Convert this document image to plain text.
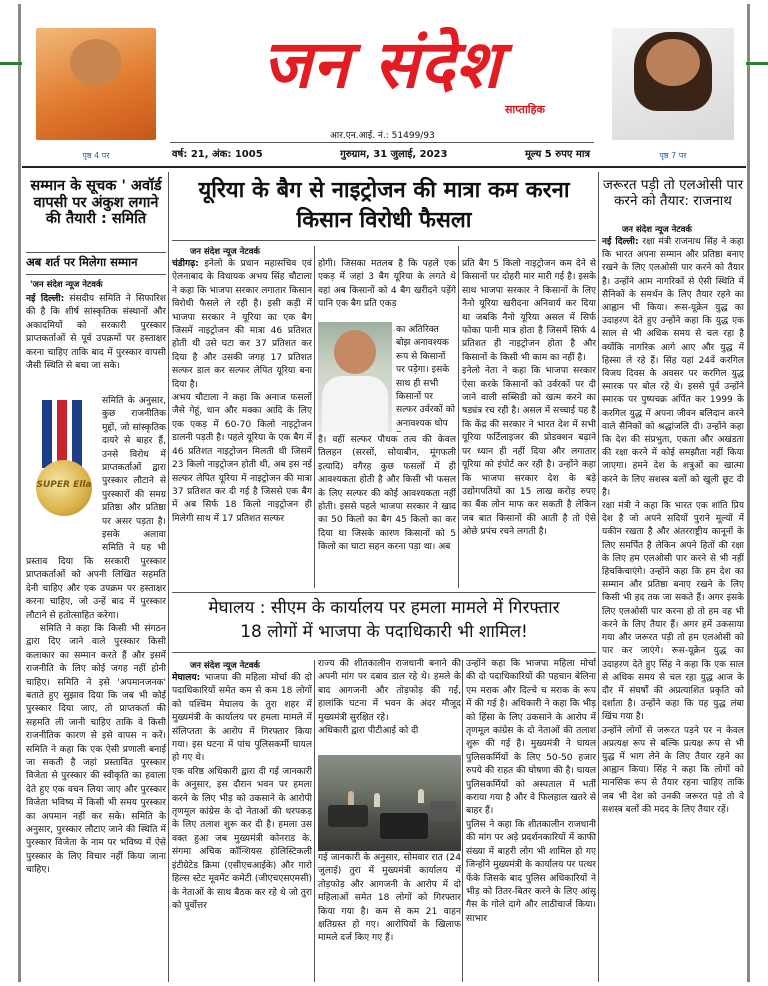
पृष्ठ 4 पर
जन संदेश
साप्ताहिक
आर.एन.आई. नं.: 51499/93
पृष्ठ 7 पर
वर्ष: 21, अंक: 1005	गुरुग्राम, 31 जुलाई, 2023	मूल्य 5 रुपए मात्र
सम्मान के सूचक ' अवॉर्ड वापसी पर अंकुश लगाने की तैयारी : समिति
अब शर्त पर मिलेगा सम्मान
'जन संदेश न्यूज नेटवर्क
नई दिल्ली: संसदीय समिति ने सिफारिश की है कि शीर्ष सांस्कृतिक संस्थानों और अकादमियों को सरकारी पुरस्कार प्राप्तकर्ताओं से पूर्व उपक्रमों पर हस्ताक्षर करना चाहिए ताकि बाद में पुरस्कार वापसी जैसी स्थिति से बचा जा सके।
SUPER Ella
समिति के अनुसार, कुछ राजनीतिक मुद्दों, जो सांस्कृतिक दायरे से बाहर हैं, उनसे विरोध में प्राप्तकर्ताओं द्वारा पुरस्कार लौटाने से पुरस्कारों की समग्र प्रतिष्ठा और प्रतिष्ठा पर असर पड़ता है। इसके अलावा समिति ने यह भी प्रस्ताव दिया कि सरकारी पुरस्कार प्राप्तकर्ताओं को अपनी लिखित सहमति देनी चाहिए और एक उपक्रम पर हस्ताक्षर करना चाहिए, जो उन्हें बाद में पुरस्कार लौटाने से हतोत्साहित करेगा।
समिति ने कहा कि किसी भी संगठन द्वारा दिए जाने वाले पुरस्कार किसी कलाकार का सम्मान करते हैं और इसमें राजनीति के लिए कोई जगह नहीं होनी चाहिए। समिति ने इसे 'अपमानजनक' बताते हुए सुझाव दिया कि जब भी कोई पुरस्कार दिया जाए, तो प्राप्तकर्ता की सहमति ली जानी चाहिए ताकि वे किसी राजनीतिक कारण से इसे वापस न करें। समिति ने कहा कि एक ऐसी प्रणाली बनाई जा सकती है जहां प्रस्तावित पुरस्कार विजेता से पुरस्कार की स्वीकृति का हवाला देते हुए एक वचन लिया जाए और पुरस्कार विजेता भविष्य में किसी भी समय पुरस्कार का अपमान नहीं कर सके। समिति के अनुसार, पुरस्कार लौटाए जाने की स्थिति में पुरस्कार विजेता के नाम पर भविष्य में ऐसे पुरस्कार के लिए विचार नहीं किया जाना चाहिए।
यूरिया के बैग से नाइट्रोजन की मात्रा कम करना किसान विरोधी फैसला
जन संदेश न्यूज नेटवर्क
चंडीगढ़: इनेलो के प्रधान महासचिव एवं ऐलनाबाद के विधायक अभय सिंह चौटाला ने कहा कि भाजपा सरकार लगातार किसान विरोधी फैसले ले रही है। इसी कड़ी में भाजपा सरकार ने यूरिया का एक बैग जिसमें नाइट्रोजन की मात्रा 46 प्रतिशत होती थी उसे घटा कर 37 प्रतिशत कर दिया है और उसकी जगह 17 प्रतिशत सल्फर डाल कर सल्फर लेपित यूरिया बना दिया है।
अभय चौटाला ने कहा कि अनाज फसलों जैसे गेहूं, धान और मक्का आदि के लिए एक एकड़ में 60-70 किलो नाइट्रोजन डालनी पड़ती है। पहले यूरिया के एक बैग में 46 प्रतिशत नाइट्रोजन मिलती थी जिसमें 23 किलो नाइट्रोजन होती थी, अब इस नई सल्फर लेपित यूरिया में नाइट्रोजन की मात्रा 37 प्रतिशत कर दी गई है जिससे एक बैग में अब सिर्फ 18 किलो नाइट्रोजन ही मिलेगी साथ में 17 प्रतिशत सल्फर
होगी। जिसका मतलब है कि पहले एक एकड़ में जहां 3 बैग यूरिया के लगते थे वहां अब किसानों को 4 बैग खरीदने पड़ेंगे यानि एक बैग प्रति एकड़
का अतिरिक्त बोझ अनावश्यक रूप से किसानों पर पड़ेगा। इसके साथ ही सभी किसानों पर सल्फर उर्वरकों को अनावश्यक थोप
है। वहीं सल्फर पौधक तत्व की केवल तिलहन (सरसों, सोयाबीन, मूंगफली इत्यादि) वगैरह कुछ फसलों में ही आवश्यकता होती है और किसी भी फसल के लिए सल्फर की कोई आवश्यकता नहीं होती। इससे पहले भाजपा सरकार ने खाद का 50 किलो का बैग 45 किलो का कर दिया था जिसके कारण किसानों को 5 किलो का घाटा सहन करना पड़ा था। अब
प्रति बैग 5 किलो नाइट्रोजन कम देने से किसानों पर दोहरी मार मारी गई है। इसके साथ भाजपा सरकार ने किसानों के लिए नैनो यूरिया खरीदना अनिवार्य कर दिया था जबकि नैनो यूरिया असल में सिर्फ फोका पानी मात्र होता है जिसमें सिर्फ 4 प्रतिशत ही नाइट्रोजन होता है और किसानों के किसी भी काम का नहीं है।
इनेलो नेता ने कहा कि भाजपा सरकार ऐसा करके किसानों को उर्वरकों पर दी जाने वाली सब्सिडी को खत्म करने का षड्यंत्र रच रही है। असल में सच्चाई यह है कि केंद्र की सरकार ने भारत देश में सभी यूरिया फर्टिलाइजर की प्रोडक्शन बढ़ाने पर ध्यान ही नहीं दिया और लगातार यूरिया को इंपोर्ट कर रही है। उन्होंने कहा कि भाजपा सरकार देश के बड़े उद्योगपतियों का 15 लाख करोड़ रुपए का बैंक लोन माफ कर सकती है लेकिन जब बात किसानों की आती है तो ऐसे ओछे प्रपंच रचने लगती है।
मेघालय : सीएम के कार्यालय पर हमला मामले में गिरफ्तार
18 लोगों में भाजपा के पदाधिकारी भी शामिल!
जन संदेश न्यूज नेटवर्क
मेघालय: भाजपा की महिला मोर्चा की दो पदाधिकारियों समेत कम से कम 18 लोगों को पश्चिम मेघालय के तुरा शहर में मुख्यमंत्री के कार्यालय पर हमला मामले में संलिप्तता के आरोप में गिरफ्तार किया गया। इस घटना में पांच पुलिसकर्मी घायल हो गए थे।
एक वरिष्ठ अधिकारी द्वारा दी गई जानकारी के अनुसार, इस दौरान भवन पर हमला करने के लिए भीड़ को उकसाने के आरोपी तृणमूल कांग्रेस के दो नेताओं की धरपकड़ के लिए तलाश शुरू कर दी है। हमला उस वक्त हुआ जब मुख्यमंत्री कोनराड के. संगमा अचिक कॉन्शियस होलिस्टिकली इंटीग्रेटेड क्रिमा (एसीएचआईके) और गारो हिल्स स्टेट मूवमेंट कमेटी (जीएचएसएमसी) के नेताओं के साथ बैठक कर रहे थे जो तुरा को पूर्वोत्तर
राज्य की शीतकालीन राजधानी बनाने की अपनी मांग पर दबाव डाल रहे थे। हमले के बाद आगजनी और तोड़फोड़ की गई, हालांकि घटना में भवन के अंदर मौजूद मुख्यमंत्री सुरक्षित रहे।
अधिकारी द्वारा पीटीआई को दी
गई जानकारी के अनुसार, सोमवार रात (24 जुलाई) तुरा में मुख्यमंत्री कार्यालय में तोड़फोड़ और आगजनी के आरोप में दो महिलाओं समेत 18 लोगों को गिरफ्तार किया गया है। कम से कम 21 वाहन क्षतिग्रस्त हो गए। आरोपियों के खिलाफ मामले दर्ज किए गए हैं।
उन्होंने कहा कि भाजपा महिला मोर्चा की दो पदाधिकारियों की पहचान बेलिना एम मराक और दिल्चे च मराक के रूप में की गई है। अधिकारी ने कहा कि भीड़ को हिंसा के लिए उकसाने के आरोप में तृणमूल कांग्रेस के दो नेताओं की तलाश शुरू की गई है। मुख्यमंत्री ने घायल पुलिसकर्मियों के लिए 50-50 हजार रुपये की राहत की घोषणा की है। घायल पुलिसकर्मियों को अस्पताल में भर्ती कराया गया है और वे फिलहाल खतरे से बाहर हैं।
पुलिस ने कहा कि शीतकालीन राजधानी की मांग पर अड़े प्रदर्शनकारियों में काफी संख्या में बाहरी लोग भी शामिल हो गए जिन्होंने मुख्यमंत्री के कार्यालय पर पत्थर फेंके जिसके बाद पुलिस अधिकारियों ने भीड़ को तितर-बितर करने के लिए आंसू गैस के गोले दागे और लाठीचार्ज किया। साभार
जरूरत पड़ी तो एलओसी पार करने को तैयार: राजनाथ
जन संदेश न्यूज नेटवर्क
नई दिल्ली: रक्षा मंत्री राजनाथ सिंह ने कहा कि भारत अपना सम्मान और प्रतिष्ठा बनाए रखने के लिए एलओसी पार करने को तैयार है। उन्होंने आम नागरिकों से ऐसी स्थिति में सैनिकों के समर्थन के लिए तैयार रहने का आह्वान भी किया। रूस-यूक्रेन युद्ध का उदाहरण देते हुए उन्होंने कहा कि युद्ध एक साल से भी अधिक समय से चल रहा है क्योंकि नागरिक आगे आए और युद्ध में हिस्सा ले रहे हैं। सिंह यहां 24वें करगिल विजय दिवस के अवसर पर करगिल युद्ध स्मारक पर बोल रहे थे। इससे पूर्व उन्होंने स्मारक पर पुष्पचक्र अर्पित कर 1999 के करगिल युद्ध में अपना जीवन बलिदान करने वाले सैनिकों को श्रद्धांजलि दी। उन्होंने कहा कि देश की संप्रभुता, एकता और अखंडता की रक्षा करने में कोई समझौता नहीं किया जाएगा। हमने देश के शत्रुओं का खात्मा करने के लिए सशस्त्र बलों को खुली छूट दी है।
रक्षा मंत्री ने कहा कि भारत एक शांति प्रिय देश है जो अपने सदियों पुराने मूल्यों में यकीन रखता है और अंतरराष्ट्रीय कानूनों के लिए समर्पित है लेकिन अपने हितों की रक्षा के लिए हम एलओसी पार करने से भी नहीं हिचकिचाएंगे। उन्होंने कहा कि हम देश का सम्मान और प्रतिष्ठा बनाए रखने के लिए किसी भी हद तक जा सकते हैं। अगर इसके लिए एलओसी पार करना हो तो हम वह भी करने के लिए तैयार हैं। अगर हमें उकसाया गया और जरूरत पड़ी तो हम एलओसी को पार कर जाएंगे। रूस-यूक्रेन युद्ध का उदाहरण देते हुए सिंह ने कहा कि एक साल से अधिक समय से चल रहा युद्ध आज के दौर में संघर्षों की अप्रत्याशित प्रकृति को दर्शाता है। उन्होंने कहा कि यह युद्ध लंबा खिंच गया है।
उन्होंने लोगों से जरूरत पड़ने पर न केवल अप्रत्यक्ष रूप से बल्कि प्रत्यक्ष रूप से भी युद्ध में भाग लेने के लिए तैयार रहने का आह्वान किया। सिंह ने कहा कि लोगों को मानसिक रूप से तैयार रहना चाहिए ताकि जब भी देश को उनकी जरूरत पड़े तो वे सशस्त्र बलों की मदद के लिए तैयार रहें।
